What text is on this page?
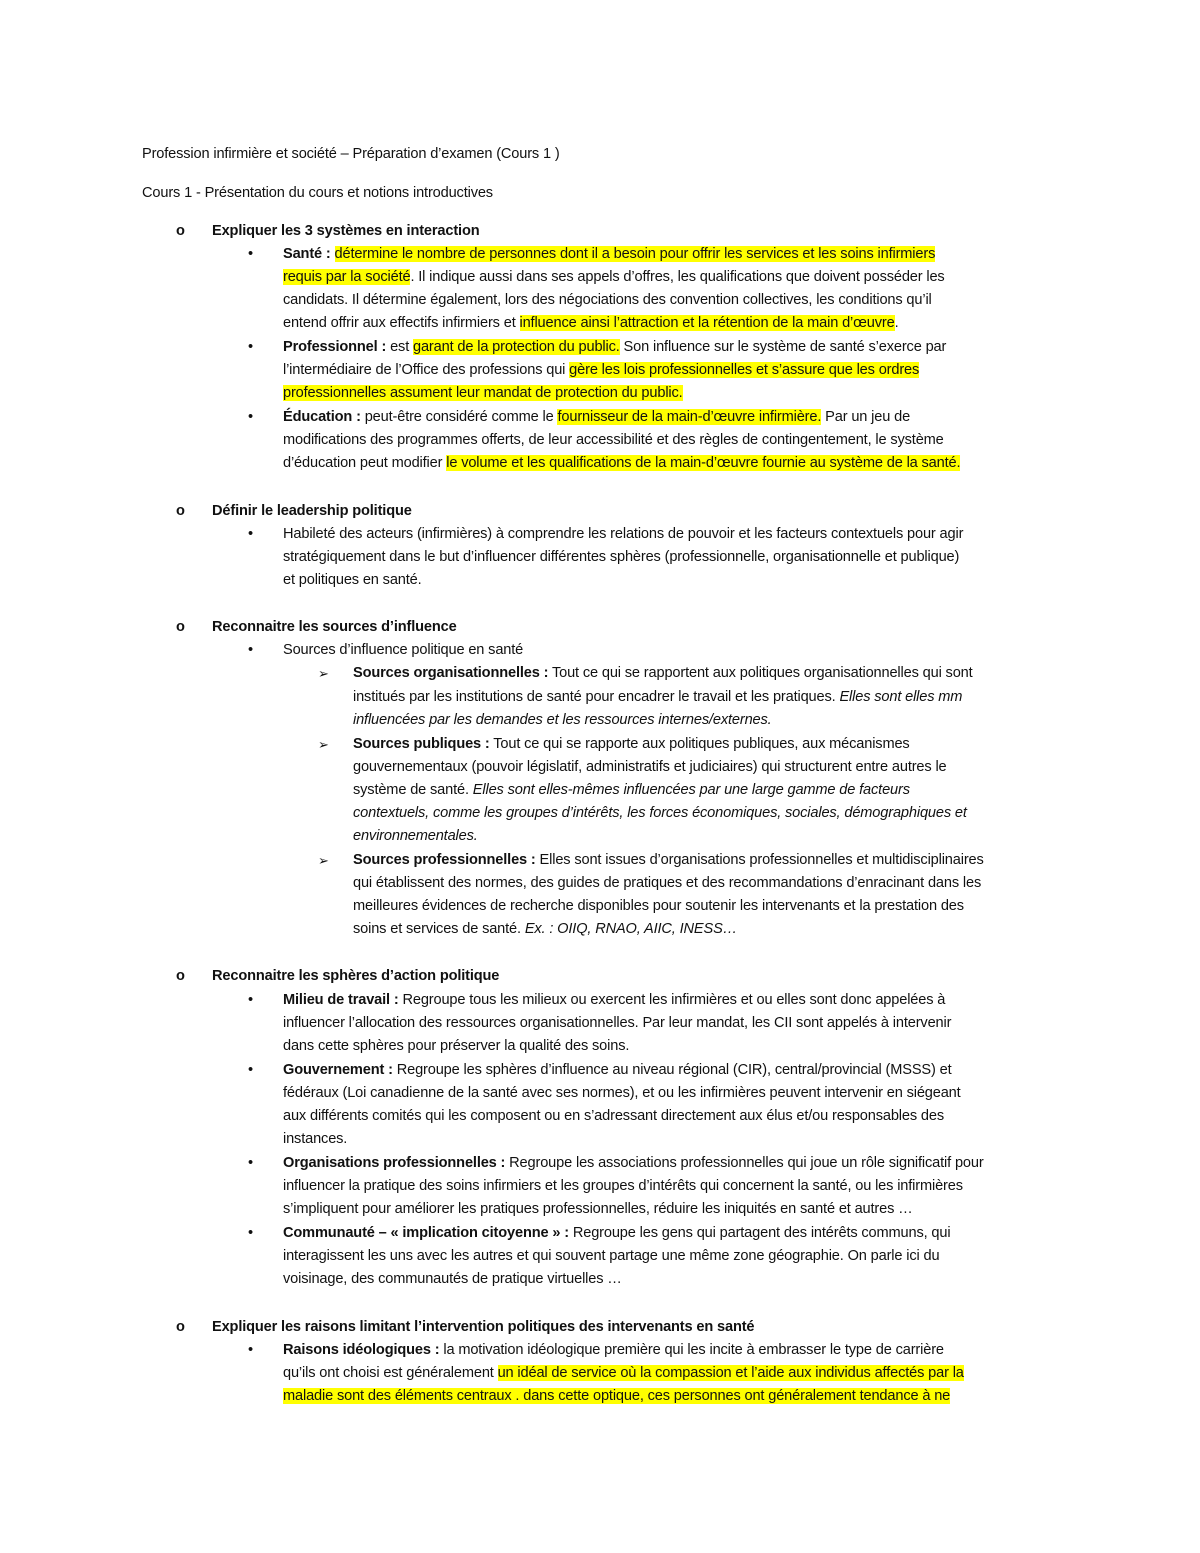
Profession infirmière et société – Préparation d’examen (Cours 1 )
Cours 1 - Présentation du cours et notions introductives
o Expliquer les 3 systèmes en interaction
• Santé : détermine le nombre de personnes dont il a besoin pour offrir les services et les soins infirmiers
requis par la société. Il indique aussi dans ses appels d’offres, les qualifications que doivent posséder les
candidats. Il détermine également, lors des négociations des convention collectives, les conditions qu’il
entend offrir aux effectifs infirmiers et influence ainsi l’attraction et la rétention de la main d’œuvre.
• Professionnel : est garant de la protection du public. Son influence sur le système de santé s’exerce par
l’intermédiaire de l’Office des professions qui gère les lois professionnelles et s’assure que les ordres
professionnelles assument leur mandat de protection du public.
• Éducation : peut-être considéré comme le fournisseur de la main-d’œuvre infirmière. Par un jeu de
modifications des programmes offerts, de leur accessibilité et des règles de contingentement, le système
d’éducation peut modifier le volume et les qualifications de la main-d’œuvre fournie au système de la santé.
o Définir le leadership politique
• Habileté des acteurs (infirmières) à comprendre les relations de pouvoir et les facteurs contextuels pour agir
stratégiquement dans le but d’influencer différentes sphères (professionnelle, organisationnelle et publique)
et politiques en santé.
o Reconnaitre les sources d’influence
• Sources d’influence politique en santé
➢ Sources organisationnelles : Tout ce qui se rapportent aux politiques organisationnelles qui sont
institués par les institutions de santé pour encadrer le travail et les pratiques. Elles sont elles mm
influencées par les demandes et les ressources internes/externes.
➢ Sources publiques : Tout ce qui se rapporte aux politiques publiques, aux mécanismes
gouvernementaux (pouvoir législatif, administratifs et judiciaires) qui structurent entre autres le
système de santé. Elles sont elles-mêmes influencées par une large gamme de facteurs
contextuels, comme les groupes d’intérêts, les forces économiques, sociales, démographiques et
environnementales.
➢ Sources professionnelles : Elles sont issues d’organisations professionnelles et multidisciplinaires
qui établissent des normes, des guides de pratiques et des recommandations d’enracinant dans les
meilleures évidences de recherche disponibles pour soutenir les intervenants et la prestation des
soins et services de santé. Ex. : OIIQ, RNAO, AIIC, INESS…
o Reconnaitre les sphères d’action politique
• Milieu de travail : Regroupe tous les milieux ou exercent les infirmières et ou elles sont donc appelées à
influencer l’allocation des ressources organisationnelles. Par leur mandat, les CII sont appelés à intervenir
dans cette sphères pour préserver la qualité des soins.
• Gouvernement : Regroupe les sphères d’influence au niveau régional (CIR), central/provincial (MSSS) et
fédéraux (Loi canadienne de la santé avec ses normes), et ou les infirmières peuvent intervenir en siégeant
aux différents comités qui les composent ou en s’adressant directement aux élus et/ou responsables des
instances.
• Organisations professionnelles : Regroupe les associations professionnelles qui joue un rôle significatif pour
influencer la pratique des soins infirmiers et les groupes d’intérêts qui concernent la santé, ou les infirmières
s’impliquent pour améliorer les pratiques professionnelles, réduire les iniquités en santé et autres …
• Communauté – « implication citoyenne » : Regroupe les gens qui partagent des intérêts communs, qui
interagissent les uns avec les autres et qui souvent partage une même zone géographie. On parle ici du
voisinage, des communautés de pratique virtuelles …
o Expliquer les raisons limitant l’intervention politiques des intervenants en santé
• Raisons idéologiques : la motivation idéologique première qui les incite à embrasser le type de carrière
qu’ils ont choisi est généralement un idéal de service où la compassion et l’aide aux individus affectés par la
maladie sont des éléments centraux . dans cette optique, ces personnes ont généralement tendance à ne
